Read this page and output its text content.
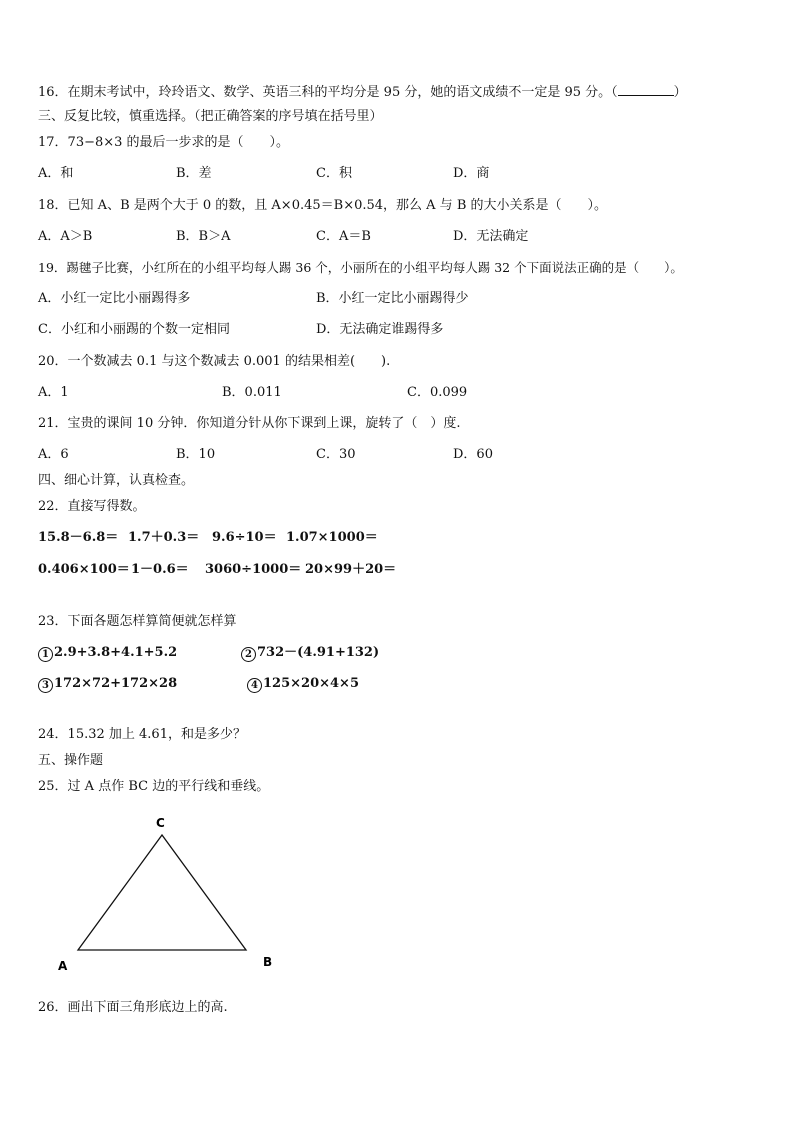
16．在期末考试中，玲玲语文、数学、英语三科的平均分是 95 分，她的语文成绩不一定是 95 分。（	）
三、反复比较，慎重选择。（把正确答案的序号填在括号里）
17．73−8×3 的最后一步求的是（　　）。
A．和	B．差	C．积	D．商
18．已知 A、B 是两个大于 0 的数，且 A×0.45＝B×0.54，那么 A 与 B 的大小关系是（　　）。
A．A＞B	B．B＞A	C．A＝B	D．无法确定
19．踢毽子比赛，小红所在的小组平均每人踢 36 个，小丽所在的小组平均每人踢 32 个下面说法正确的是（　　）。
A．小红一定比小丽踢得多	B．小红一定比小丽踢得少
C．小红和小丽踢的个数一定相同	D．无法确定谁踢得多
20．一个数减去 0.1 与这个数减去 0.001 的结果相差(　　).
A．1	B．0.011	C．0.099
21．宝贵的课间 10 分钟．你知道分针从你下课到上课，旋转了（　）度.
A．6	B．10	C．30	D．60
四、细心计算，认真检查。
22．直接写得数。
15.8－6.8＝ 1.7＋0.3＝ 9.6÷10＝ 1.07×1000＝
0.406×100＝ 1－0.6＝ 3060÷1000＝ 20×99＋20＝
23．下面各题怎样算简便就怎样算
1 2.9+3.8+4.1+5.2	2 732－(4.91+132)
3 172×72+172×28	4 125×20×4×5
24．15.32 加上 4.61，和是多少？
五、操作题
25．过 A 点作 BC 边的平行线和垂线。
C
A	B
26．画出下面三角形底边上的高.
